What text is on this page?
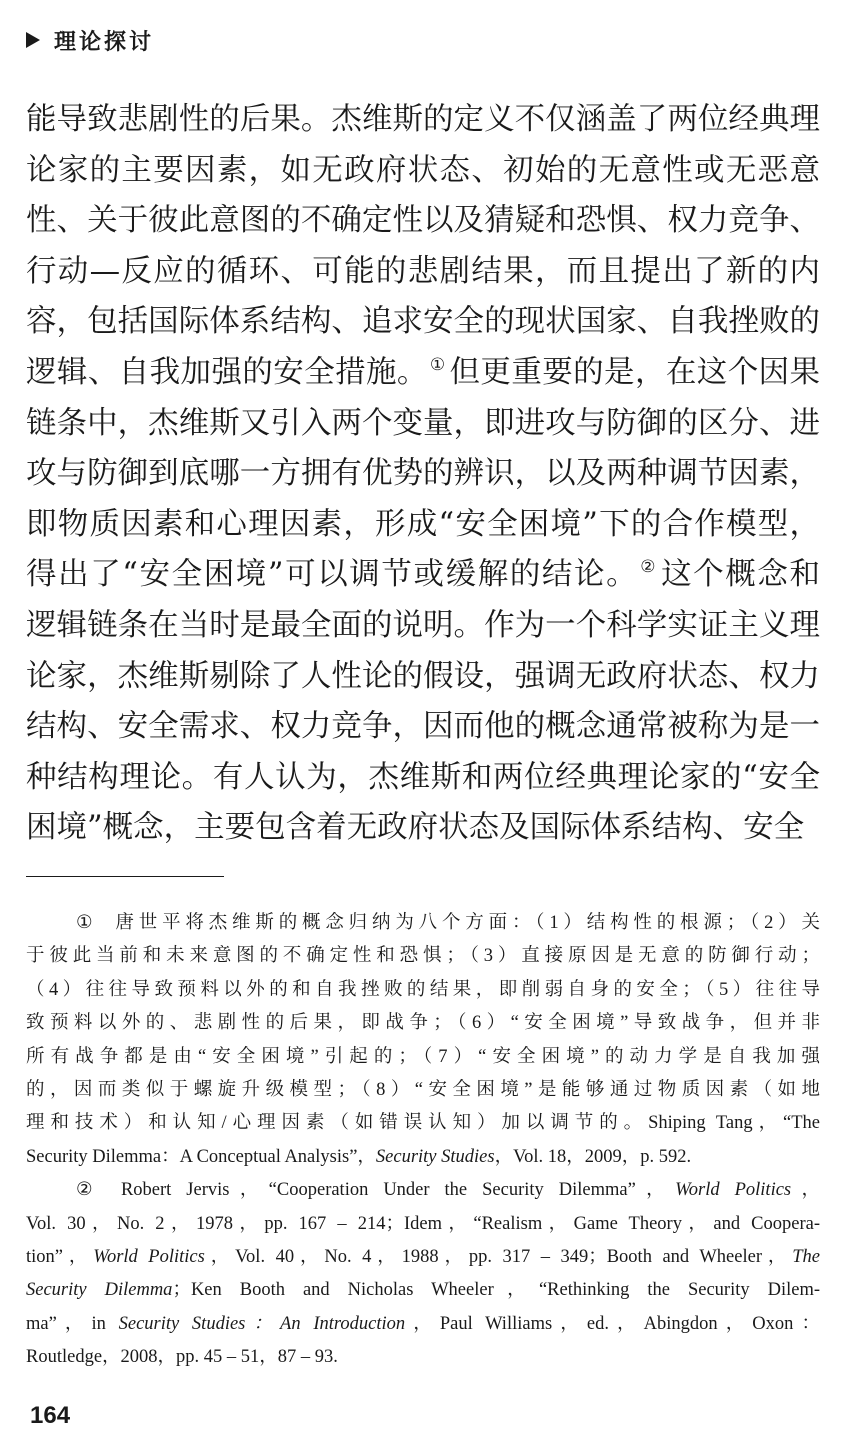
理论探讨
能导致悲剧性的后果。杰维斯的定义不仅涵盖了两位经典理
论家的主要因素，如无政府状态、初始的无意性或无恶意
性、关于彼此意图的不确定性以及猜疑和恐惧、权力竞争、
行动—反应的循环、可能的悲剧结果，而且提出了新的内
容，包括国际体系结构、追求安全的现状国家、自我挫败的
逻辑、自我加强的安全措施。 ① 但更重要的是，在这个因果
链条中，杰维斯又引入两个变量，即进攻与防御的区分、进
攻与防御到底哪一方拥有优势的辨识，以及两种调节因素，
即物质因素和心理因素，形成“安全困境”下的合作模型，
得出了“安全困境”可以调节或缓解的结论。 ② 这个概念和
逻辑链条在当时是最全面的说明。作为一个科学实证主义理
论家，杰维斯剔除了人性论的假设，强调无政府状态、权力
结构、安全需求、权力竞争，因而他的概念通常被称为是一
种结构理论。有人认为，杰维斯和两位经典理论家的“安全
困境”概念，主要包含着无政府状态及国际体系结构、安全
① 唐世平将杰维斯的概念归纳为八个方面：（1）结构性的根源；（2）关
于彼此当前和未来意图的不确定性和恐惧；（3）直接原因是无意的防御行动；
（4）往往导致预料以外的和自我挫败的结果，即削弱自身的安全；（5）往往导
致预料以外的、悲剧性的后果，即战争；（6）“安全困境”导致战争，但并非
所有战争都是由“安全困境”引起的；（7）“安全困境”的动力学是自我加强
的，因而类似于螺旋升级模型；（8）“安全困境”是能够通过物质因素（如地
理和技术）和认知/心理因素（如错误认知）加以调节的。Shiping Tang，“The
Security Dilemma：A Conceptual Analysis”，Security Studies，Vol. 18，2009，p. 592.
② Robert Jervis，“Cooperation Under the Security Dilemma”，World Politics，
Vol. 30，No. 2，1978，pp. 167 – 214；Idem，“Realism，Game Theory，and Coopera-
tion”，World Politics，Vol. 40，No. 4，1988，pp. 317 – 349；Booth and Wheeler，The
Security Dilemma；Ken Booth and Nicholas Wheeler，“Rethinking the Security Dilem-
ma”，in Security Studies：An Introduction，Paul Williams，ed.，Abingdon，Oxon：
Routledge，2008，pp. 45 – 51，87 – 93.
164
